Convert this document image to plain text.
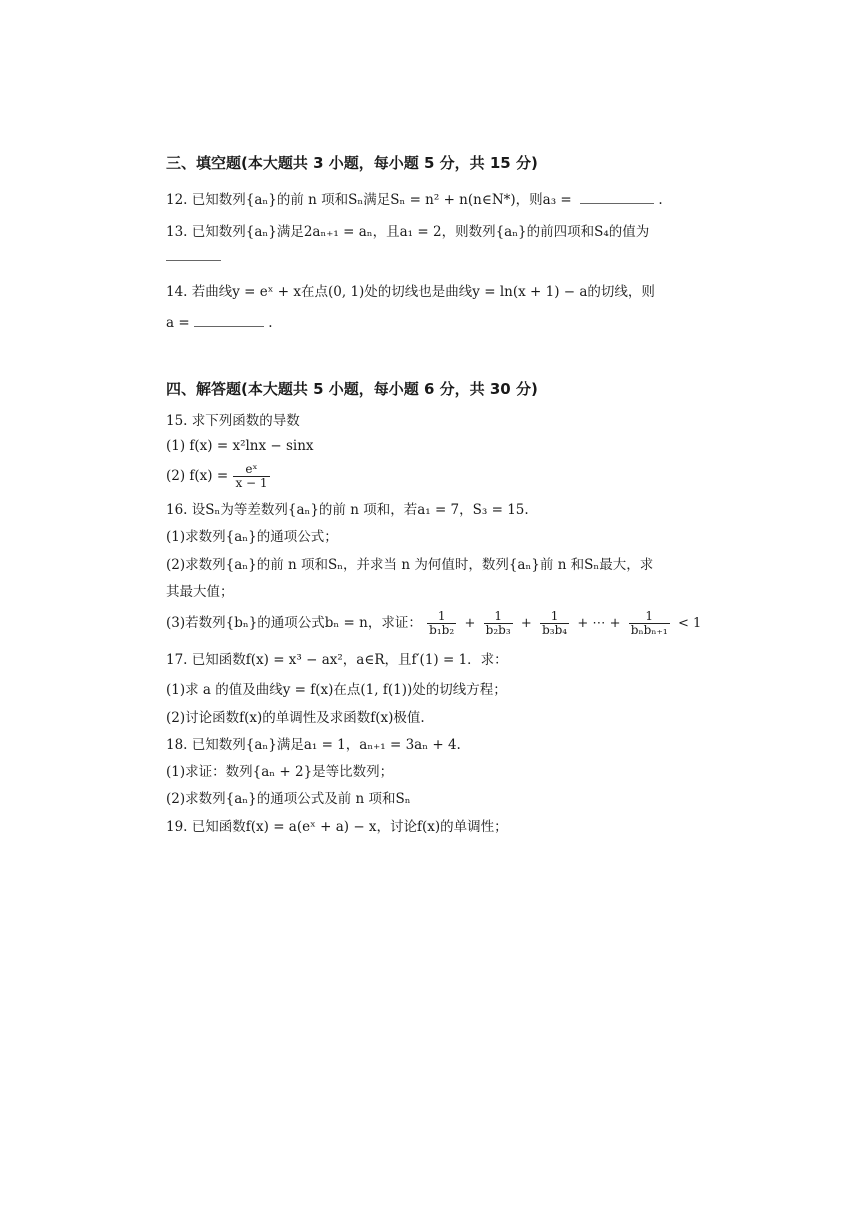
三、填空题(本大题共 3 小题，每小题 5 分，共 15 分)
12. 已知数列{aₙ}的前 n 项和Sₙ满足Sₙ = n² + n(n∈N*)，则a₃ =	.
13. 已知数列{aₙ}满足2aₙ₊₁ = aₙ，且a₁ = 2，则数列{aₙ}的前四项和S₄的值为
14. 若曲线y = eˣ + x在点(0, 1)处的切线也是曲线y = ln(x + 1) − a的切线，则
a =	.
四、解答题(本大题共 5 小题，每小题 6 分，共 30 分)
15. 求下列函数的导数
(1) f(x) = x²lnx − sinx
(2) $f(x) = \frac{\text{eˣ}}{x - 1}$
16. 设Sₙ为等差数列{aₙ}的前 n 项和，若a₁ = 7，S₃ = 15.
(1)求数列{aₙ}的通项公式；
(2)求数列{aₙ}的前 n 项和Sₙ，并求当 n 为何值时，数列{aₙ}前 n 和Sₙ最大，求
其最大值；
(3)若数列{bₙ}的通项公式bₙ = n，求证： $\frac{1}{\text{b₁b₂}} + \frac{1}{\text{b₂b₃}} + \frac{1}{\text{b₃b₄}}$ + ⋯ + $\frac{1}{\text{bₙbₙ₊₁}} < 1$
17. 已知函数f(x) = x³ − ax²，a∈R，且f′(1) = 1．求：
(1)求 a 的值及曲线y = f(x)在点(1, f(1))处的切线方程；
(2)讨论函数f(x)的单调性及求函数f(x)极值.
18. 已知数列{aₙ}满足a₁ = 1，aₙ₊₁ = 3aₙ + 4.
(1)求证：数列{aₙ + 2}是等比数列；
(2)求数列{aₙ}的通项公式及前 n 项和Sₙ
19. 已知函数f(x) = a(eˣ + a) − x，讨论f(x)的单调性；
